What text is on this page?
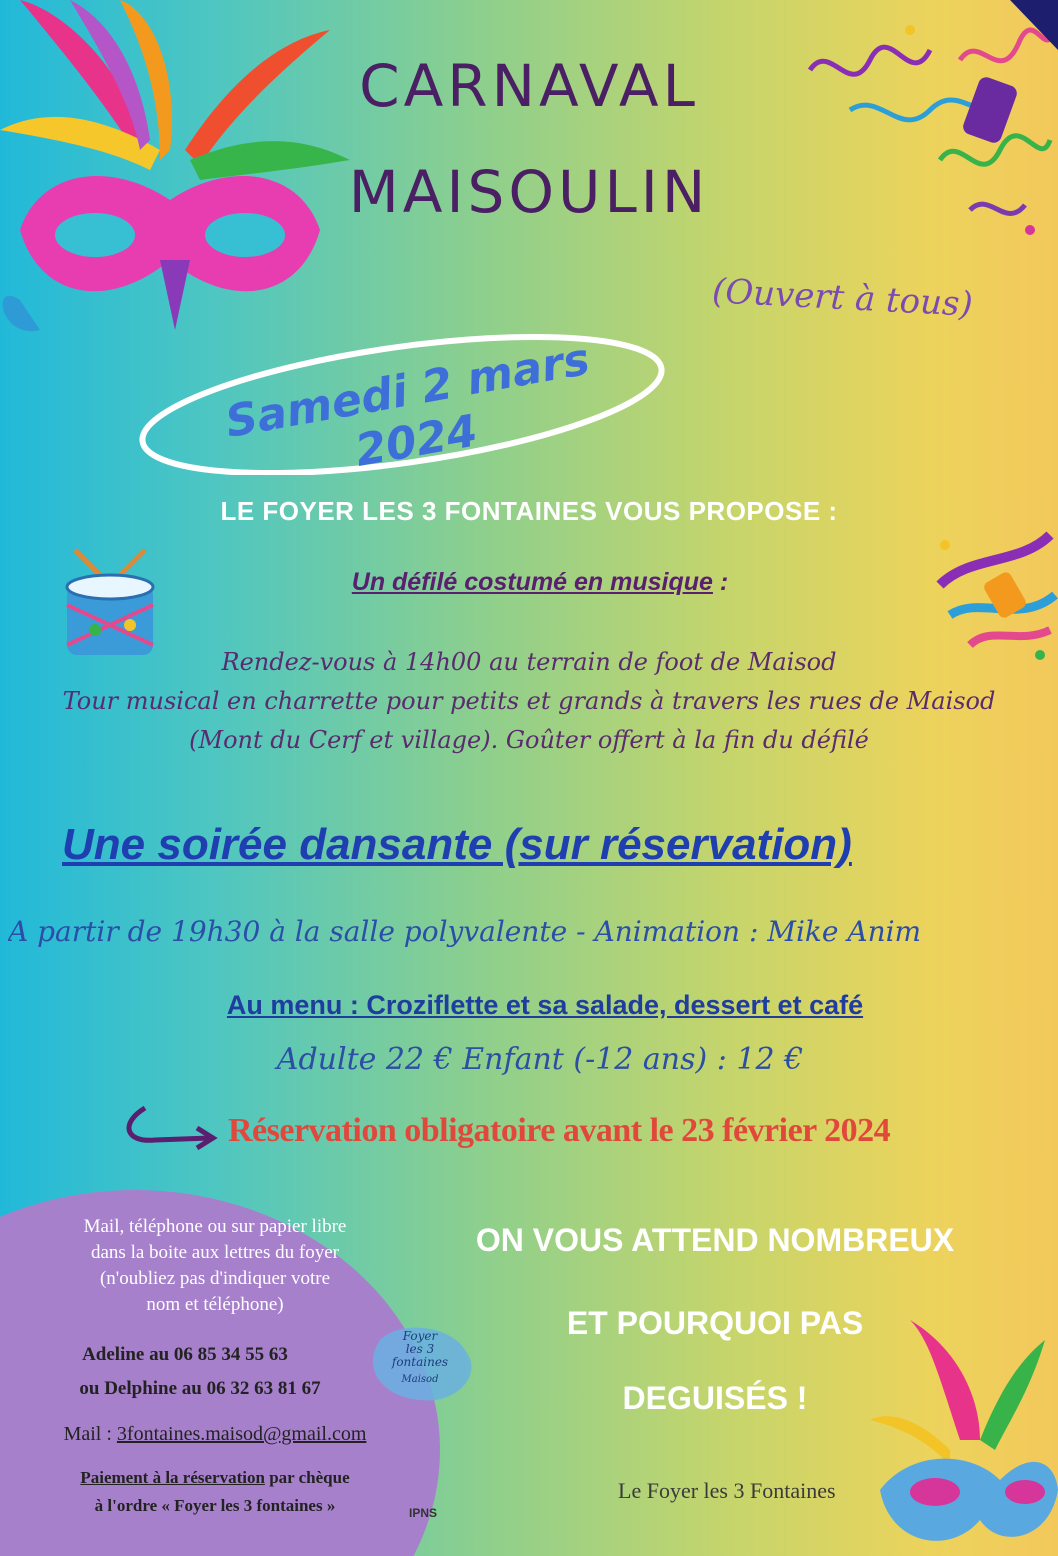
CARNAVAL
MAISOULIN
(Ouvert à tous)
Samedi 2 mars 2024
LE FOYER LES 3 FONTAINES VOUS PROPOSE :
Un défilé costumé en musique :
Rendez-vous à 14h00 au terrain de foot de Maisod
Tour musical en charrette pour petits et grands à travers les rues de Maisod
(Mont du Cerf et village). Goûter offert à la fin du défilé
Une soirée dansante (sur réservation)
A partir de 19h30 à la salle polyvalente - Animation : Mike Anim
Au menu : Croziflette et sa salade, dessert et café
Adulte 22 € Enfant (-12 ans) : 12 €
Réservation obligatoire avant le 23 février 2024
Mail, téléphone ou sur papier libre
dans la boite aux lettres du foyer
(n'oubliez pas d'indiquer votre
nom et téléphone)
Adeline au 06 85 34 55 63
ou Delphine au 06 32 63 81 67
Mail : 3fontaines.maisod@gmail.com
Paiement à la réservation par chèque
à l'ordre « Foyer les 3 fontaines »
Foyer
les 3
fontaines
Maisod
ON VOUS ATTEND NOMBREUX
ET POURQUOI PAS
DEGUISÉS !
Le Foyer les 3 Fontaines
IPNS
